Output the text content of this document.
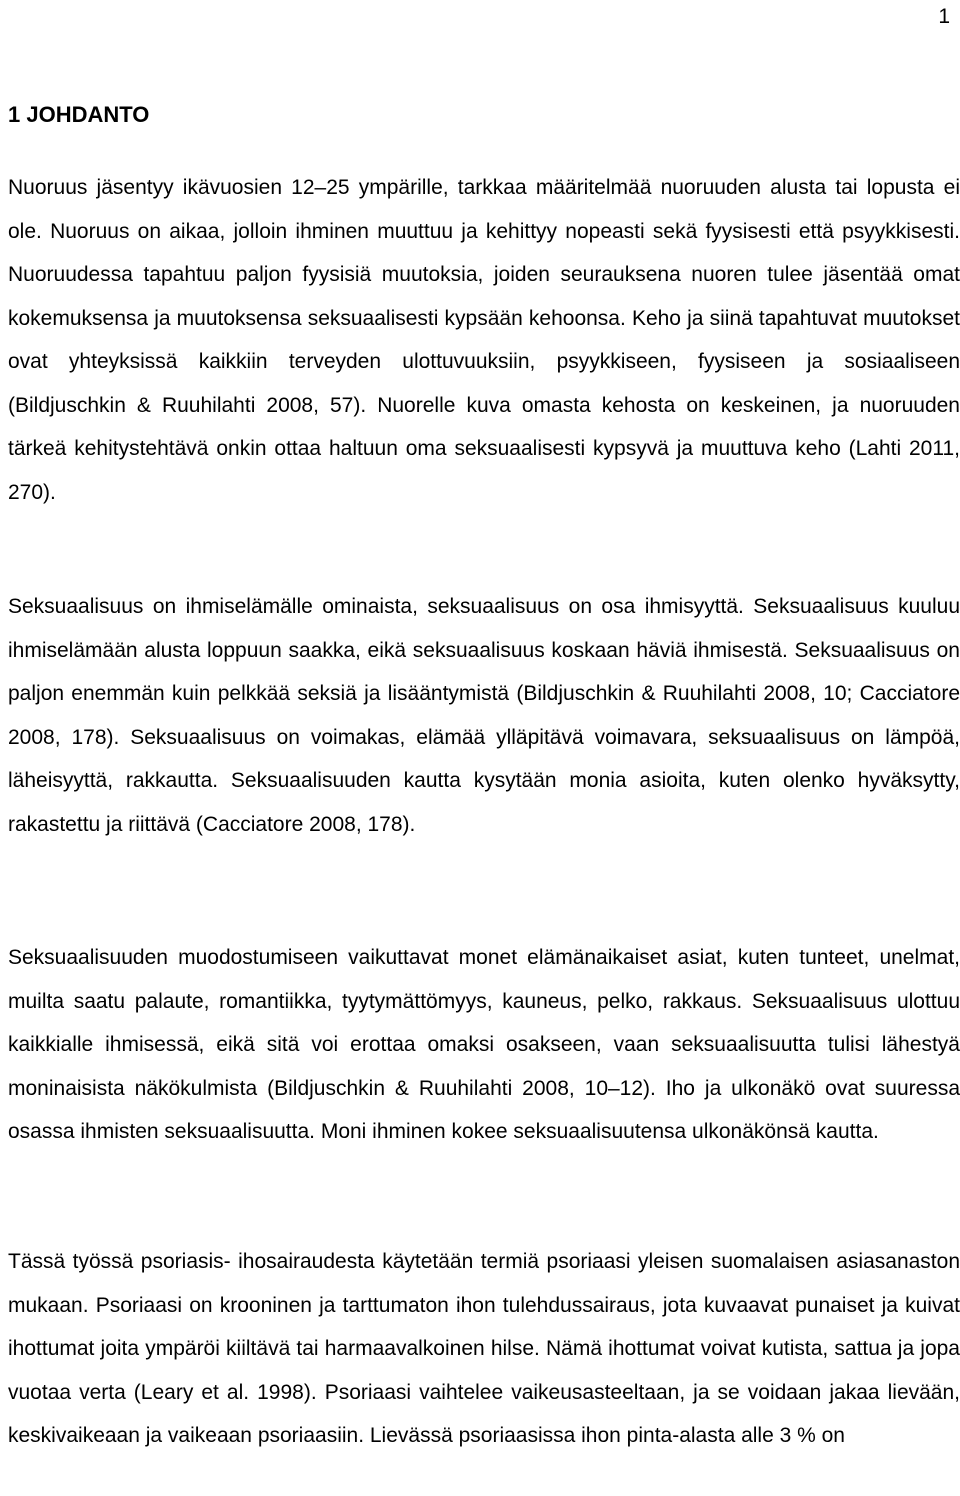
1
1 JOHDANTO

Nuoruus jäsentyy ikävuosien 12–25 ympärille, tarkkaa määritelmää nuoruuden alusta tai lopusta ei ole. Nuoruus on aikaa, jolloin ihminen muuttuu ja kehittyy nopeasti sekä fyysisesti että psyykkisesti. Nuoruudessa tapahtuu paljon fyysisiä muutoksia, joiden seurauksena nuoren tulee jäsentää omat kokemuksensa ja muutoksensa seksuaalisesti kypsään kehoonsa. Keho ja siinä tapahtuvat muutokset ovat yhteyksissä kaikkiin terveyden ulottuvuuksiin, psyykkiseen, fyysiseen ja sosiaaliseen (Bildjuschkin & Ruuhilahti 2008, 57). Nuorelle kuva omasta kehosta on keskeinen, ja nuoruuden tärkeä kehitystehtävä onkin ottaa haltuun oma seksuaalisesti kypsyvä ja muuttuva keho (Lahti 2011, 270).

Seksuaalisuus on ihmiselämälle ominaista, seksuaalisuus on osa ihmisyyttä. Seksuaalisuus kuuluu ihmiselämään alusta loppuun saakka, eikä seksuaalisuus koskaan häviä ihmisestä. Seksuaalisuus on paljon enemmän kuin pelkkää seksiä ja lisääntymistä (Bildjuschkin & Ruuhilahti 2008, 10; Cacciatore 2008, 178). Seksuaalisuus on voimakas, elämää ylläpitävä voimavara, seksuaalisuus on lämpöä, läheisyyttä, rakkautta. Seksuaalisuuden kautta kysytään monia asioita, kuten olenko hyväksytty, rakastettu ja riittävä (Cacciatore 2008, 178).

Seksuaalisuuden muodostumiseen vaikuttavat monet elämänaikaiset asiat, kuten tunteet, unelmat, muilta saatu palaute, romantiikka, tyytymättömyys, kauneus, pelko, rakkaus. Seksuaalisuus ulottuu kaikkialle ihmisessä, eikä sitä voi erottaa omaksi osakseen, vaan seksuaalisuutta tulisi lähestyä moninaisista näkökulmista (Bildjuschkin & Ruuhilahti 2008, 10–12). Iho ja ulkonäkö ovat suuressa osassa ihmisten seksuaalisuutta. Moni ihminen kokee seksuaalisuutensa ulkonäkönsä kautta.

Tässä työssä psoriasis- ihosairaudesta käytetään termiä psoriaasi yleisen suomalaisen asiasanaston mukaan. Psoriaasi on krooninen ja tarttumaton ihon tulehdussairaus, jota kuvaavat punaiset ja kuivat ihottumat joita ympäröi kiiltävä tai harmaavalkoinen hilse. Nämä ihottumat voivat kutista, sattua ja jopa vuotaa verta (Leary et al. 1998). Psoriaasi vaihtelee vaikeusasteeltaan, ja se voidaan jakaa lievään, keskivaikeaan ja vaikeaan psoriaasiin. Lievässä psoriaasissa ihon pinta-alasta alle 3 % on
